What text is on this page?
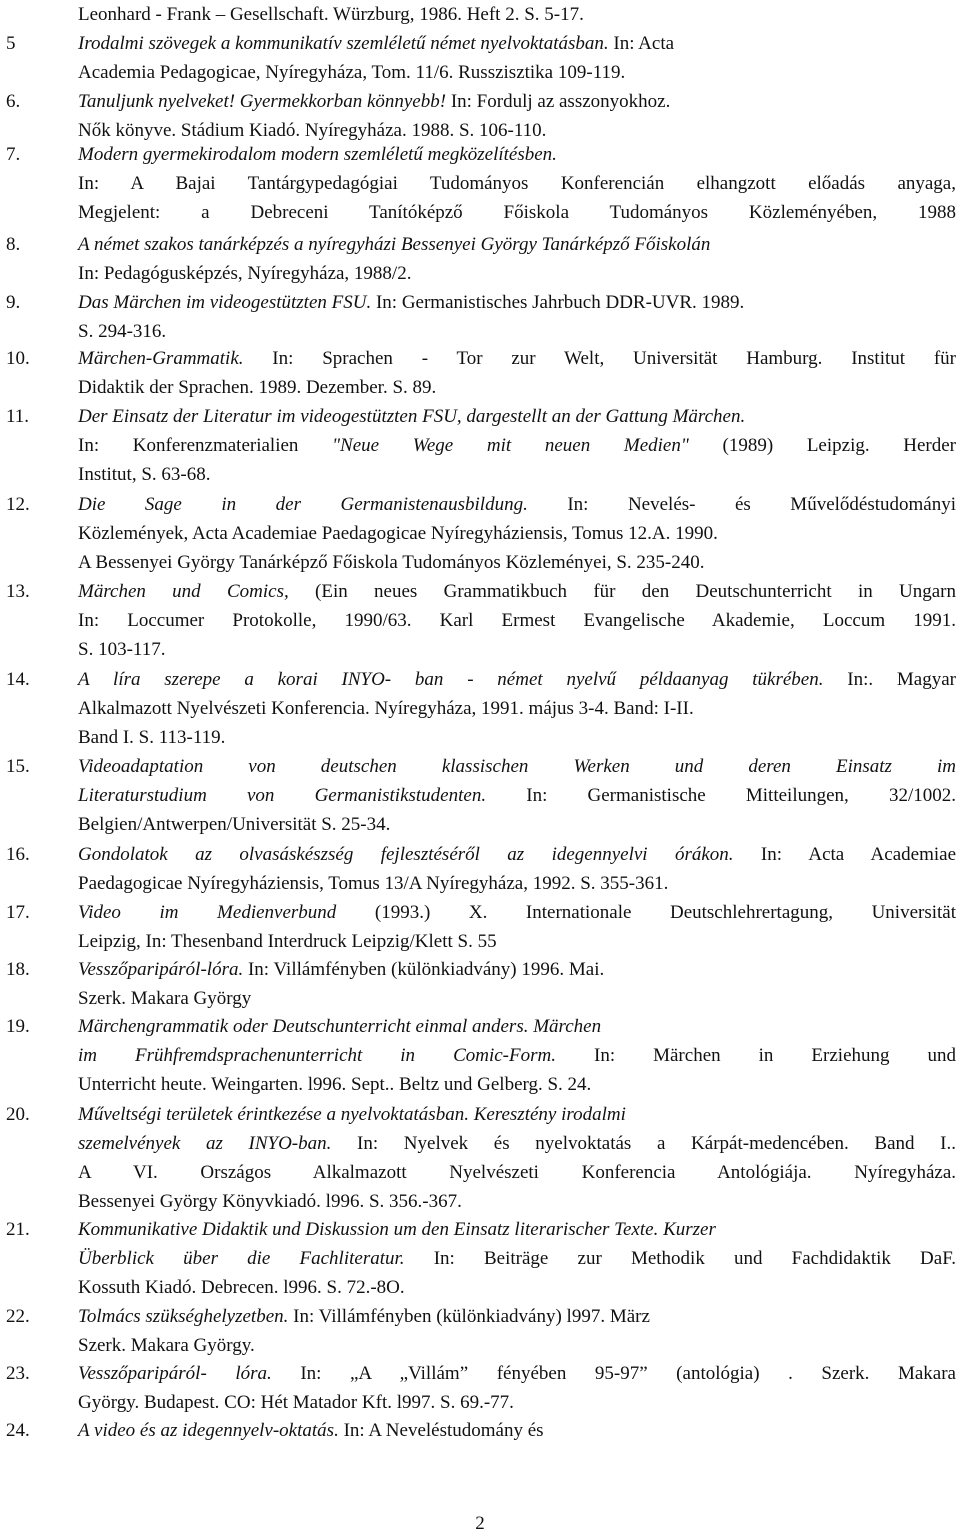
Leonhard - Frank – Gesellschaft. Würzburg, 1986. Heft 2. S. 5-17.
5	Irodalmi szövegek a kommunikatív szemléletű német nyelvoktatásban. In: Acta
Academia Pedagogicae, Nyíregyháza, Tom. 11/6. Russzisztika 109-119.
6.	Tanuljunk nyelveket! Gyermekkorban könnyebb! In: Fordulj az asszonyokhoz.
Nők könyve. Stádium Kiadó. Nyíregyháza. 1988. S. 106-110.
7.	Modern gyermekirodalom modern szemléletű megközelítésben.
In: A Bajai Tantárgypedagógiai Tudományos Konferencián elhangzott előadás anyaga,
Megjelent: a Debreceni Tanítóképző Főiskola Tudományos Közleményében, 1988
8.	A német szakos tanárképzés a nyíregyházi Bessenyei György Tanárképző Főiskolán
In: Pedagógusképzés, Nyíregyháza, 1988/2.
9.	Das Märchen im videogestützten FSU. In: Germanistisches Jahrbuch DDR-UVR. 1989.
S. 294-316.
10.	Märchen-Grammatik. In: Sprachen - Tor zur Welt, Universität Hamburg. Institut für
Didaktik der Sprachen. 1989. Dezember. S. 89.
11.	Der Einsatz der Literatur im videogestützten FSU, dargestellt an der Gattung Märchen.
In: Konferenzmaterialien "Neue Wege mit neuen Medien" (1989) Leipzig. Herder
Institut, S. 63-68.
12.	Die Sage in der Germanistenausbildung. In: Nevelés- és Művelődéstudományi
Közlemények, Acta Academiae Paedagogicae Nyíregyháziensis, Tomus 12.A. 1990.
A Bessenyei György Tanárképző Főiskola Tudományos Közleményei, S. 235-240.
13.	Märchen und Comics, (Ein neues Grammatikbuch für den Deutschunterricht in Ungarn
In: Loccumer Protokolle, 1990/63. Karl Ermest Evangelische Akademie, Loccum 1991.
S. 103-117.
14.	A líra szerepe a korai INYO- ban - német nyelvű példaanyag tükrében. In:. Magyar
Alkalmazott Nyelvészeti Konferencia. Nyíregyháza, 1991. május 3-4. Band: I-II.
Band I. S. 113-119.
15.	Videoadaptation von deutschen klassischen Werken und deren Einsatz im
Literaturstudium von Germanistikstudenten. In: Germanistische Mitteilungen, 32/1002.
Belgien/Antwerpen/Universität S. 25-34.
16.	Gondolatok az olvasáskészség fejlesztéséről az idegennyelvi órákon. In: Acta Academiae
Paedagogicae Nyíregyháziensis, Tomus 13/A Nyíregyháza, 1992. S. 355-361.
17.	Video im Medienverbund (1993.) X. Internationale Deutschlehrertagung, Universität
Leipzig, In: Thesenband Interdruck Leipzig/Klett S. 55
18.	Vesszőparipáról-lóra. In: Villámfényben (különkiadvány) 1996. Mai.
Szerk. Makara György
19.	Märchengrammatik oder Deutschunterricht einmal anders. Märchen
im Frühfremdsprachenunterricht in Comic-Form. In: Märchen in Erziehung und
Unterricht heute. Weingarten. l996. Sept.. Beltz und Gelberg. S. 24.
20.	Műveltségi területek érintkezése a nyelvoktatásban. Keresztény irodalmi
szemelvények az INYO-ban. In: Nyelvek és nyelvoktatás a Kárpát-medencében. Band I..
A VI. Országos Alkalmazott Nyelvészeti Konferencia Antológiája. Nyíregyháza.
Bessenyei György Könyvkiadó. l996. S. 356.-367.
21.	Kommunikative Didaktik und Diskussion um den Einsatz literarischer Texte. Kurzer
Überblick über die Fachliteratur. In: Beiträge zur Methodik und Fachdidaktik DaF.
Kossuth Kiadó. Debrecen. l996. S. 72.-8O.
22.	Tolmács szükséghelyzetben. In: Villámfényben (különkiadvány) l997. März
Szerk. Makara György.
23.	Vesszőparipáról- lóra. In: „A „Villám” fényében 95-97” (antológia) . Szerk. Makara
György. Budapest. CO: Hét Matador Kft. l997. S. 69.-77.
24.	A video és az idegennyelv-oktatás. In: A Neveléstudomány és
2
